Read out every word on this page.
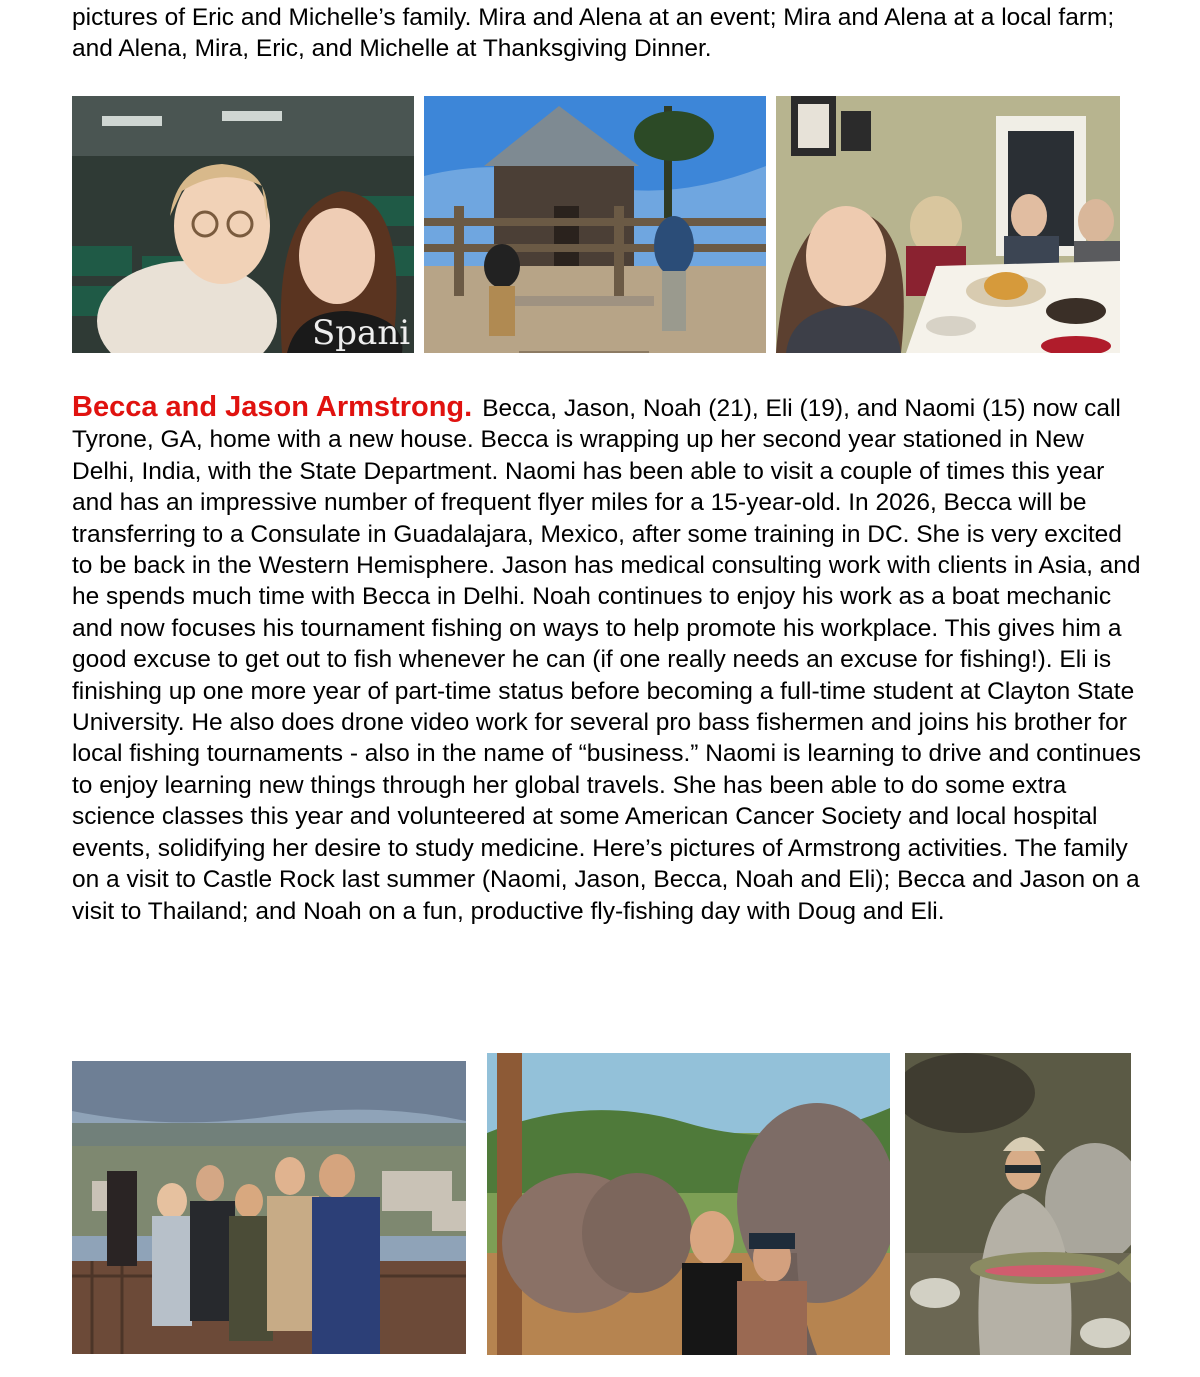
pictures of Eric and Michelle’s family. Mira and Alena at an event; Mira and Alena at a local farm; and Alena, Mira, Eric, and Michelle at Thanksgiving Dinner.

Spani

Becca and Jason Armstrong. Becca, Jason, Noah (21), Eli (19), and Naomi (15) now call Tyrone, GA, home with a new house. Becca is wrapping up her second year stationed in New Delhi, India, with the State Department. Naomi has been able to visit a couple of times this year and has an impressive number of frequent flyer miles for a 15-year-old. In 2026, Becca will be transferring to a Consulate in Guadalajara, Mexico, after some training in DC. She is very excited to be back in the Western Hemisphere. Jason has medical consulting work with clients in Asia, and he spends much time with Becca in Delhi. Noah continues to enjoy his work as a boat mechanic and now focuses his tournament fishing on ways to help promote his workplace. This gives him a good excuse to get out to fish whenever he can (if one really needs an excuse for fishing!). Eli is finishing up one more year of part-time status before becoming a full-time student at Clayton State University. He also does drone video work for several pro bass fishermen and joins his brother for local fishing tournaments - also in the name of “business.” Naomi is learning to drive and continues to enjoy learning new things through her global travels. She has been able to do some extra science classes this year and volunteered at some American Cancer Society and local hospital events, solidifying her desire to study medicine. Here’s pictures of Armstrong activities. The family on a visit to Castle Rock last summer (Naomi, Jason, Becca, Noah and Eli); Becca and Jason on a visit to Thailand; and Noah on a fun, productive fly-fishing day with Doug and Eli.
